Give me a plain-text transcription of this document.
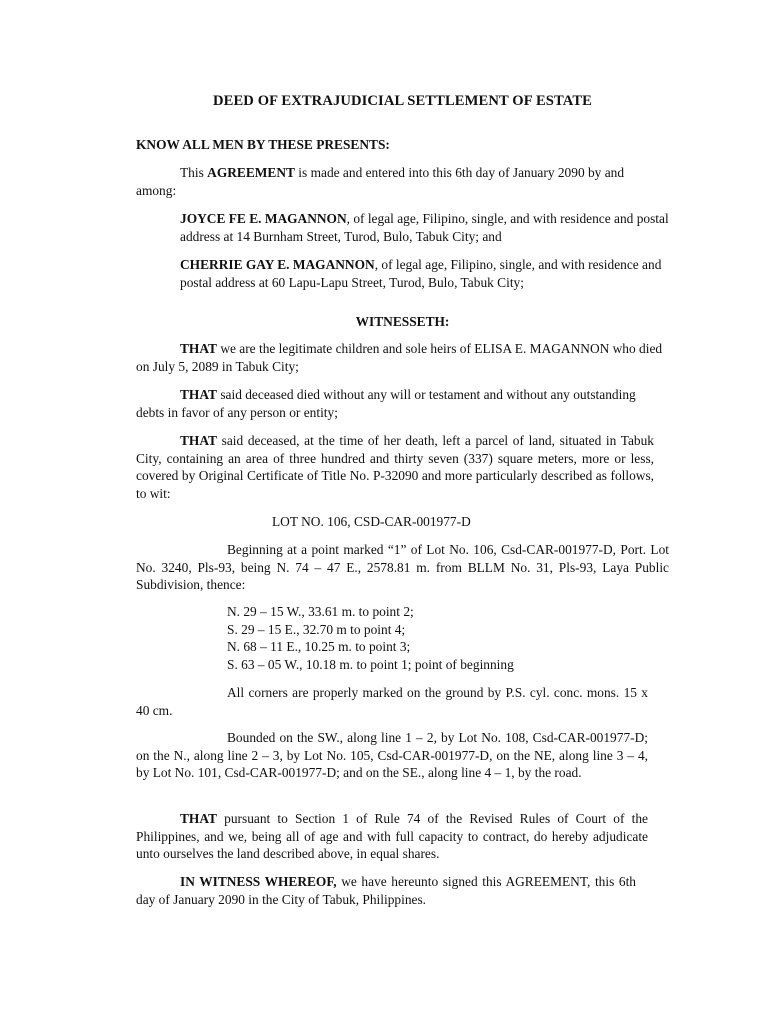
DEED OF EXTRAJUDICIAL SETTLEMENT OF ESTATE

KNOW ALL MEN BY THESE PRESENTS:

This AGREEMENT is made and entered into this 6th day of January 2090 by and among:

JOYCE FE E. MAGANNON, of legal age, Filipino, single, and with residence and postal address at 14 Burnham Street, Turod, Bulo, Tabuk City; and

CHERRIE GAY E. MAGANNON, of legal age, Filipino, single, and with residence and postal address at 60 Lapu-Lapu Street, Turod, Bulo, Tabuk City;

WITNESSETH:

THAT we are the legitimate children and sole heirs of ELISA E. MAGANNON who died on July 5, 2089 in Tabuk City;

THAT said deceased died without any will or testament and without any outstanding debts in favor of any person or entity;

THAT said deceased, at the time of her death, left a parcel of land, situated in Tabuk City, containing an area of three hundred and thirty seven (337) square meters, more or less, covered by Original Certificate of Title No. P-32090 and more particularly described as follows, to wit:

LOT NO. 106, CSD-CAR-001977-D

Beginning at a point marked “1” of Lot No. 106, Csd-CAR-001977-D, Port. Lot No. 3240, Pls-93, being N. 74 – 47 E., 2578.81 m. from BLLM No. 31, Pls-93, Laya Public Subdivision, thence:

N. 29 – 15 W., 33.61 m. to point 2;
S. 29 – 15 E., 32.70 m to point 4;
N. 68 – 11 E., 10.25 m. to point 3;
S. 63 – 05 W., 10.18 m. to point 1; point of beginning

All corners are properly marked on the ground by P.S. cyl. conc. mons. 15 x 40 cm.

Bounded on the SW., along line 1 – 2, by Lot No. 108, Csd-CAR-001977-D; on the N., along line 2 – 3, by Lot No. 105, Csd-CAR-001977-D, on the NE, along line 3 – 4, by Lot No. 101, Csd-CAR-001977-D; and on the SE., along line 4 – 1, by the road.

THAT pursuant to Section 1 of Rule 74 of the Revised Rules of Court of the Philippines, and we, being all of age and with full capacity to contract, do hereby adjudicate unto ourselves the land described above, in equal shares.

IN WITNESS WHEREOF, we have hereunto signed this AGREEMENT, this 6th day of January 2090 in the City of Tabuk, Philippines.
